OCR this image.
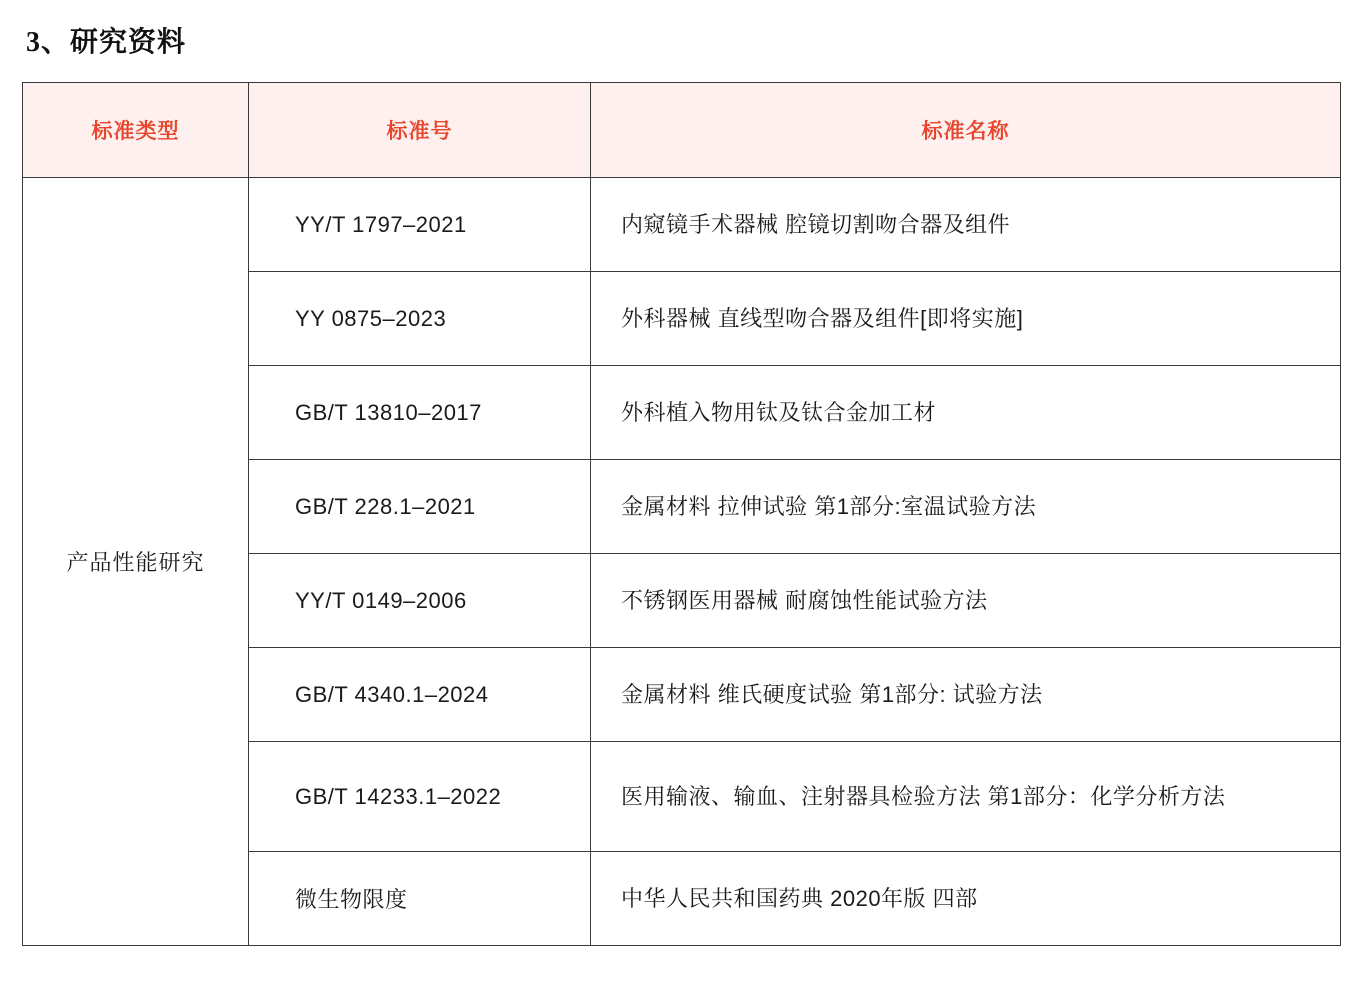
3、研究资料
标准类型	标准号	标准名称
产品性能研究	YY/T 1797–2021	内窥镜手术器械 腔镜切割吻合器及组件
	YY 0875–2023	外科器械 直线型吻合器及组件[即将实施]
	GB/T 13810–2017	外科植入物用钛及钛合金加工材
	GB/T 228.1–2021	金属材料 拉伸试验 第1部分:室温试验方法
	YY/T 0149–2006	不锈钢医用器械 耐腐蚀性能试验方法
	GB/T 4340.1–2024	金属材料 维氏硬度试验 第1部分: 试验方法
	GB/T 14233.1–2022	医用输液、输血、注射器具检验方法 第1部分：化学分析方法
	微生物限度	中华人民共和国药典 2020年版 四部
